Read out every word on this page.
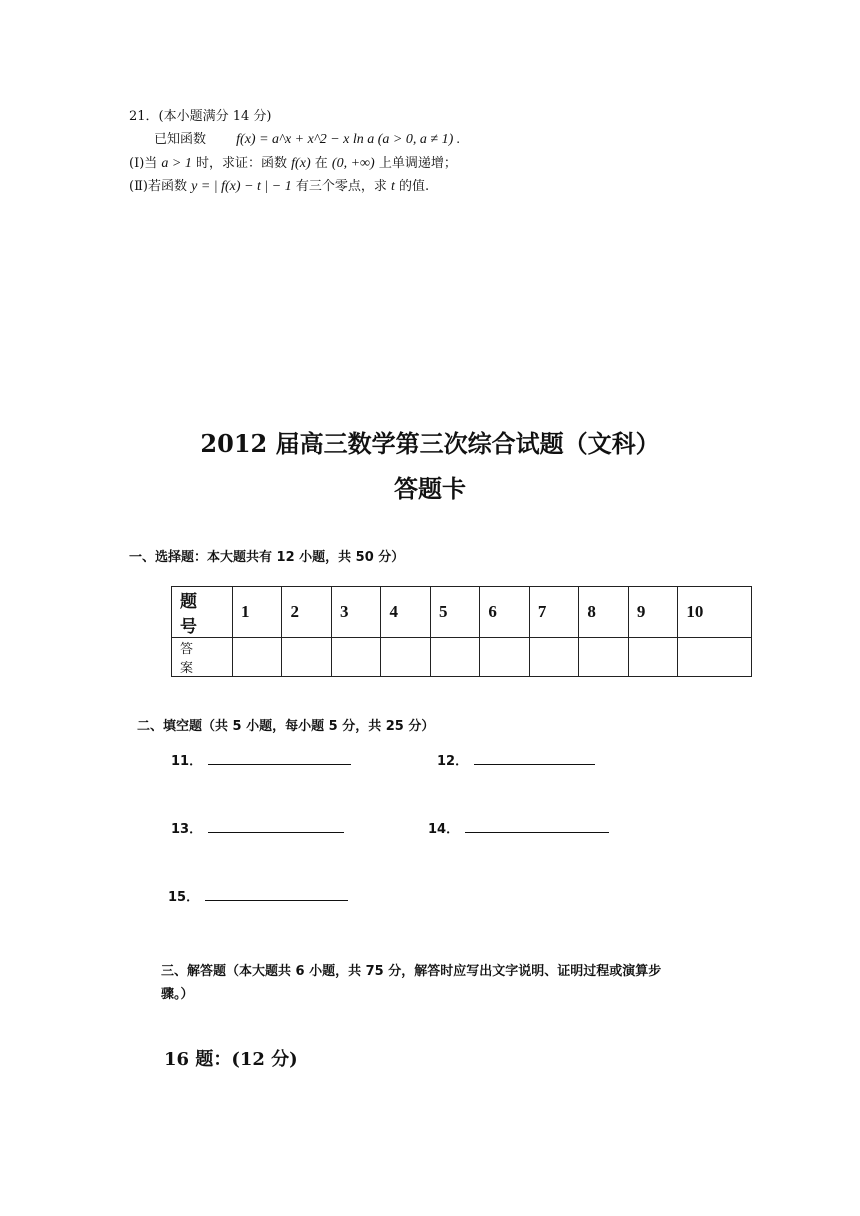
21．(本小题满分 14 分)
已知函数 f(x) = a^x + x^2 − x ln a (a > 0, a ≠ 1) .
(Ⅰ)当 a > 1 时，求证：函数 f(x) 在 (0, +∞) 上单调递增；
(Ⅱ)若函数 y = | f(x) − t | − 1 有三个零点，求 t 的值.
2012 届高三数学第三次综合试题（文科）
答题卡
一、选择题：本大题共有 12 小题，共 50 分）
题 号	1	2	3	4	5	6	7	8	9	10
答 案										
二、填空题（共 5 小题，每小题 5 分，共 25 分）
11．	12．
13．	14．
15．
三、解答题（本大题共 6 小题，共 75 分，解答时应写出文字说明、证明过程或演算步
骤。）
16 题：(12 分)
